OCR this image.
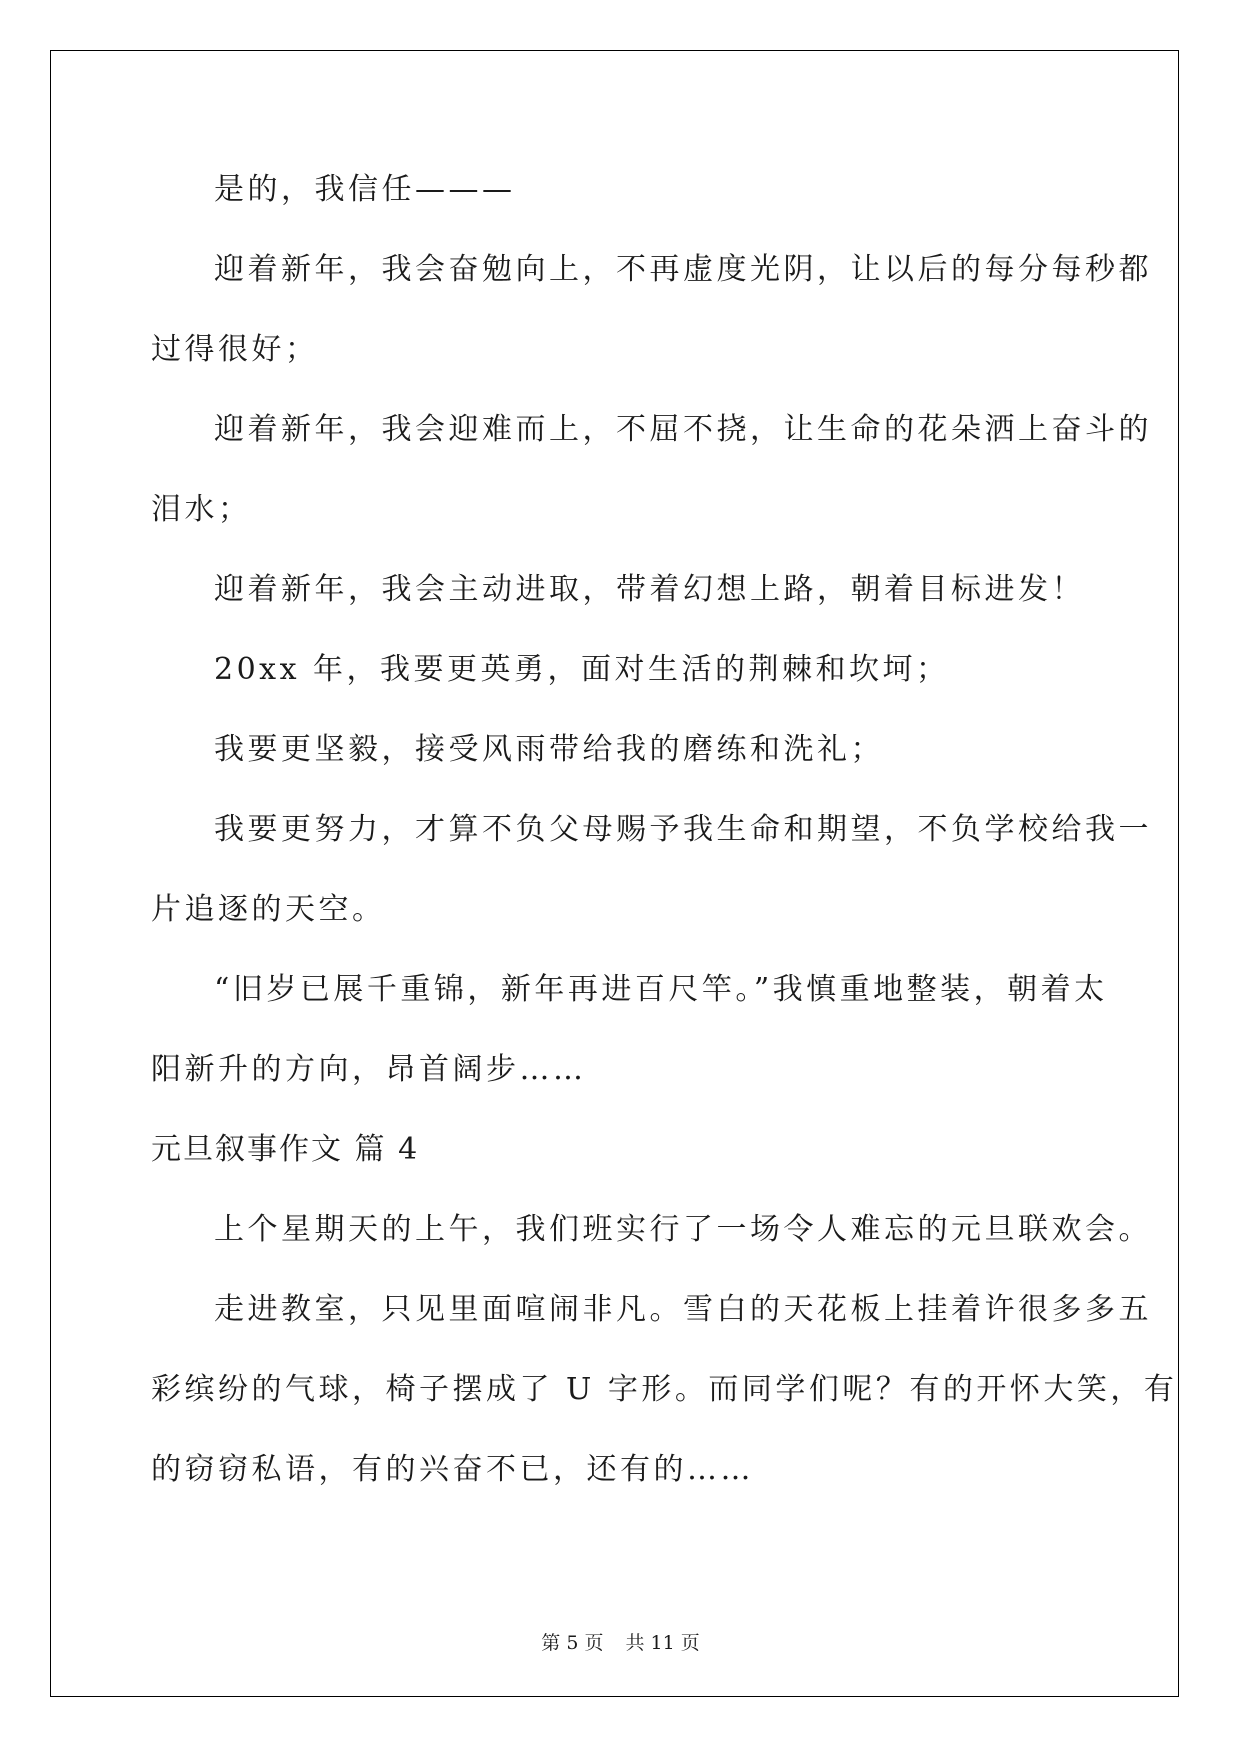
是的，我信任———

迎着新年，我会奋勉向上，不再虚度光阴，让以后的每分每秒都

过得很好；

迎着新年，我会迎难而上，不屈不挠，让生命的花朵洒上奋斗的

泪水；

迎着新年，我会主动进取，带着幻想上路，朝着目标进发！

20xx 年，我要更英勇，面对生活的荆棘和坎坷；

我要更坚毅，接受风雨带给我的磨练和洗礼；

我要更努力，才算不负父母赐予我生命和期望，不负学校给我一

片追逐的天空。

“旧岁已展千重锦，新年再进百尺竿。”我慎重地整装，朝着太

阳新升的方向，昂首阔步……

元旦叙事作文 篇 4

上个星期天的上午，我们班实行了一场令人难忘的元旦联欢会。

走进教室，只见里面喧闹非凡。雪白的天花板上挂着许很多多五

彩缤纷的气球，椅子摆成了 U 字形。而同学们呢？有的开怀大笑，有

的窃窃私语，有的兴奋不已，还有的……

第 5 页 共 11 页
